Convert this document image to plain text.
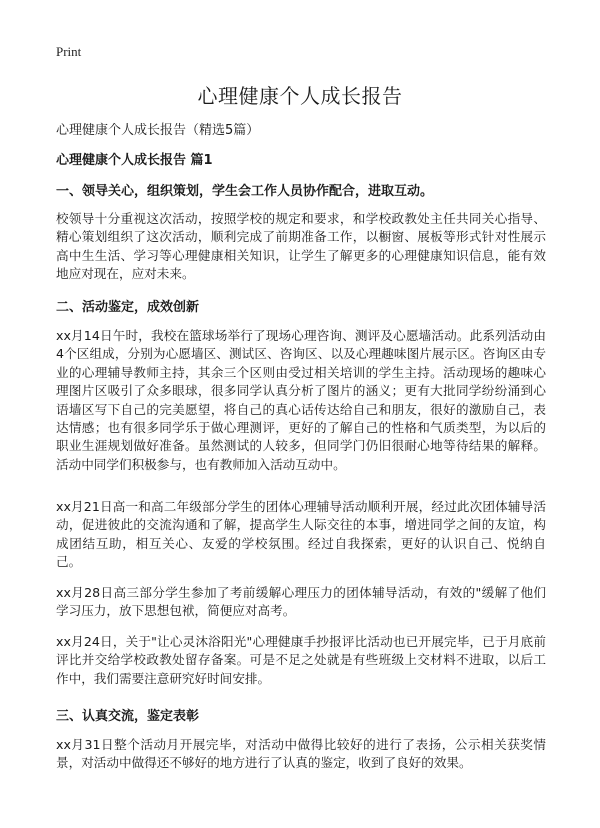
Print
心理健康个人成长报告
心理健康个人成长报告（精选5篇）
心理健康个人成长报告 篇1
一、领导关心，组织策划，学生会工作人员协作配合，进取互动。

校领导十分重视这次活动，按照学校的规定和要求，和学校政教处主任共同关心指导、精心策划组织了这次活动，顺利完成了前期准备工作，以橱窗、展板等形式针对性展示高中生生活、学习等心理健康相关知识，让学生了解更多的心理健康知识信息，能有效地应对现在，应对未来。

二、活动鉴定，成效创新

xx月14日午时，我校在篮球场举行了现场心理咨询、测评及心愿墙活动。此系列活动由4个区组成，分别为心愿墙区、测试区、咨询区、以及心理趣味图片展示区。咨询区由专业的心理辅导教师主持，其余三个区则由受过相关培训的学生主持。活动现场的趣味心理图片区吸引了众多眼球，很多同学认真分析了图片的涵义；更有大批同学纷纷涌到心语墙区写下自己的完美愿望，将自己的真心话传达给自己和朋友，很好的激励自己，表达情感；也有很多同学乐于做心理测评，更好的了解自己的性格和气质类型，为以后的职业生涯规划做好准备。虽然测试的人较多，但同学门仍旧很耐心地等待结果的解释。活动中同学们积极参与，也有教师加入活动互动中。

xx月21日高一和高二年级部分学生的团体心理辅导活动顺利开展，经过此次团体辅导活动，促进彼此的交流沟通和了解，提高学生人际交往的本事，增进同学之间的友谊，构成团结互助，相互关心、友爱的学校氛围。经过自我探索，更好的认识自己、悦纳自己。

xx月28日高三部分学生参加了考前缓解心理压力的团体辅导活动，有效的"缓解了他们学习压力，放下思想包袱，简便应对高考。

xx月24日，关于"让心灵沐浴阳光"心理健康手抄报评比活动也已开展完毕，已于月底前评比并交给学校政教处留存备案。可是不足之处就是有些班级上交材料不进取，以后工作中，我们需要注意研究好时间安排。

三、认真交流，鉴定表彰

xx月31日整个活动月开展完毕，对活动中做得比较好的进行了表扬，公示相关获奖情景，对活动中做得还不够好的地方进行了认真的鉴定，收到了良好的效果。
